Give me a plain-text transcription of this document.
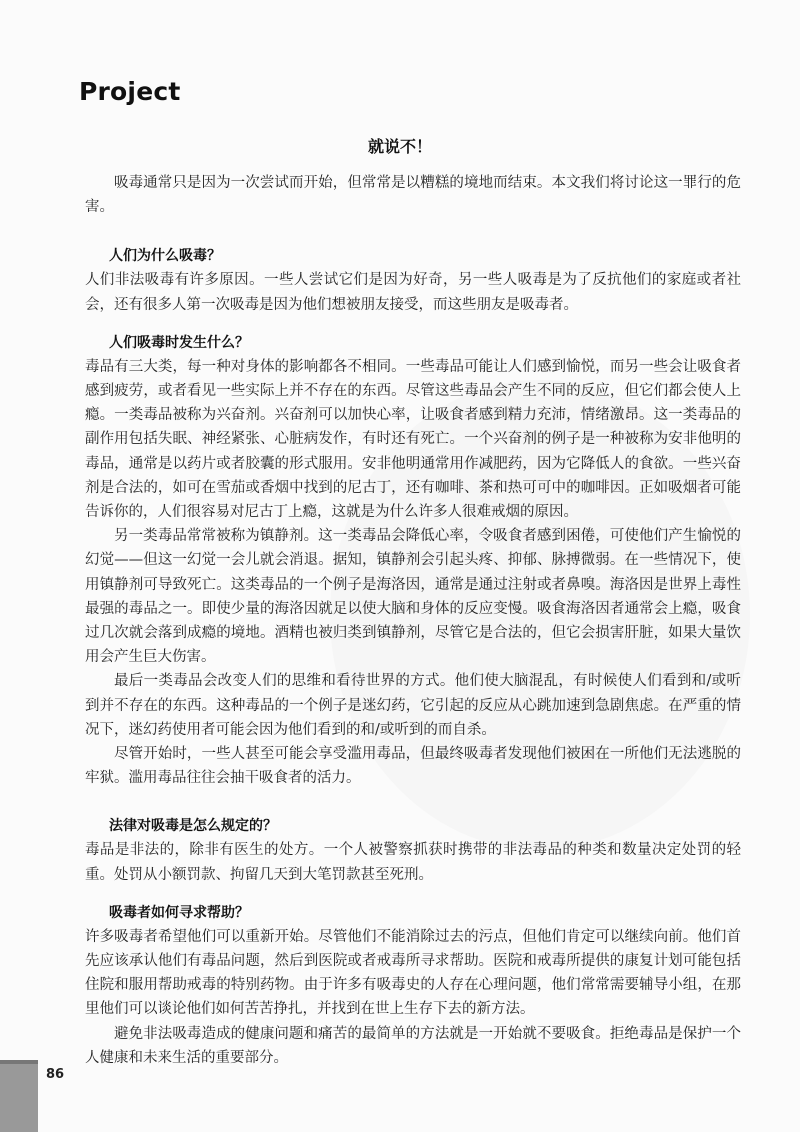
Project
就说不！

吸毒通常只是因为一次尝试而开始，但常常是以糟糕的境地而结束。本文我们将讨论这一罪行的危害。

人们为什么吸毒？

人们非法吸毒有许多原因。一些人尝试它们是因为好奇，另一些人吸毒是为了反抗他们的家庭或者社会，还有很多人第一次吸毒是因为他们想被朋友接受，而这些朋友是吸毒者。

人们吸毒时发生什么？

毒品有三大类，每一种对身体的影响都各不相同。一些毒品可能让人们感到愉悦，而另一些会让吸食者感到疲劳，或者看见一些实际上并不存在的东西。尽管这些毒品会产生不同的反应，但它们都会使人上瘾。一类毒品被称为兴奋剂。兴奋剂可以加快心率，让吸食者感到精力充沛，情绪激昂。这一类毒品的副作用包括失眠、神经紧张、心脏病发作，有时还有死亡。一个兴奋剂的例子是一种被称为安非他明的毒品，通常是以药片或者胶囊的形式服用。安非他明通常用作减肥药，因为它降低人的食欲。一些兴奋剂是合法的，如可在雪茄或香烟中找到的尼古丁，还有咖啡、茶和热可可中的咖啡因。正如吸烟者可能告诉你的，人们很容易对尼古丁上瘾，这就是为什么许多人很难戒烟的原因。

另一类毒品常常被称为镇静剂。这一类毒品会降低心率，令吸食者感到困倦，可使他们产生愉悦的幻觉——但这一幻觉一会儿就会消退。据知，镇静剂会引起头疼、抑郁、脉搏微弱。在一些情况下，使用镇静剂可导致死亡。这类毒品的一个例子是海洛因，通常是通过注射或者鼻嗅。海洛因是世界上毒性最强的毒品之一。即使少量的海洛因就足以使大脑和身体的反应变慢。吸食海洛因者通常会上瘾，吸食过几次就会落到成瘾的境地。酒精也被归类到镇静剂，尽管它是合法的，但它会损害肝脏，如果大量饮用会产生巨大伤害。

最后一类毒品会改变人们的思维和看待世界的方式。他们使大脑混乱，有时候使人们看到和/或听到并不存在的东西。这种毒品的一个例子是迷幻药，它引起的反应从心跳加速到急剧焦虑。在严重的情况下，迷幻药使用者可能会因为他们看到的和/或听到的而自杀。

尽管开始时，一些人甚至可能会享受滥用毒品，但最终吸毒者发现他们被困在一所他们无法逃脱的牢狱。滥用毒品往往会抽干吸食者的活力。

法律对吸毒是怎么规定的？

毒品是非法的，除非有医生的处方。一个人被警察抓获时携带的非法毒品的种类和数量决定处罚的轻重。处罚从小额罚款、拘留几天到大笔罚款甚至死刑。

吸毒者如何寻求帮助？

许多吸毒者希望他们可以重新开始。尽管他们不能消除过去的污点，但他们肯定可以继续向前。他们首先应该承认他们有毒品问题，然后到医院或者戒毒所寻求帮助。医院和戒毒所提供的康复计划可能包括住院和服用帮助戒毒的特别药物。由于许多有吸毒史的人存在心理问题，他们常常需要辅导小组，在那里他们可以谈论他们如何苦苦挣扎，并找到在世上生存下去的新方法。

避免非法吸毒造成的健康问题和痛苦的最简单的方法就是一开始就不要吸食。拒绝毒品是保护一个人健康和未来生活的重要部分。

86
